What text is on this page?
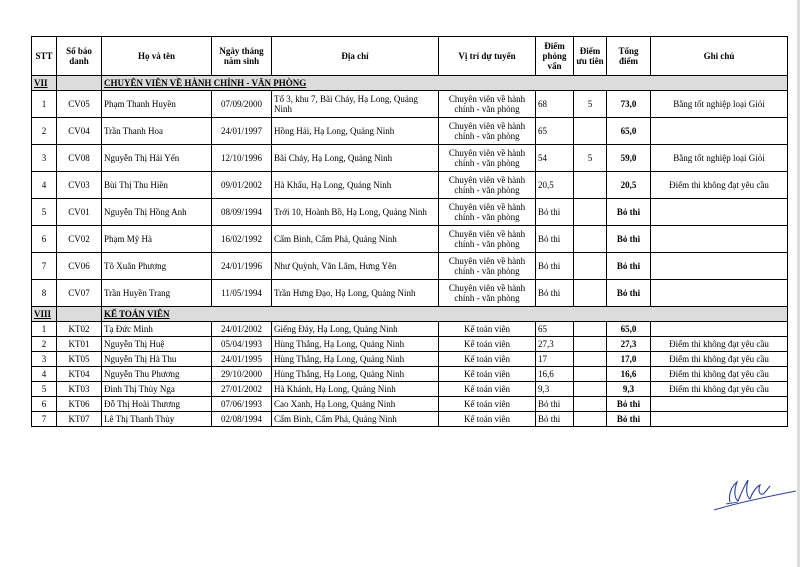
STT	Số báo danh	Họ và tên	Ngày tháng năm sinh	Địa chỉ	Vị trí dự tuyển	Điểm phỏng vấn	Điểm ưu tiên	Tổng điểm	Ghi chú
VII		CHUYÊN VIÊN VỀ HÀNH CHÍNH - VĂN PHÒNG							
1	CV05	Phạm Thanh Huyền	07/09/2000	Tổ 3, khu 7, Bãi Cháy, Hạ Long, Quảng Ninh	Chuyên viên về hành chính - văn phòng	68	5	73,0	Bằng tốt nghiệp loại Giỏi
2	CV04	Trần Thanh Hoa	24/01/1997	Hồng Hải, Hạ Long, Quảng Ninh	Chuyên viên về hành chính - văn phòng	65		65,0	
3	CV08	Nguyễn Thị Hải Yến	12/10/1996	Bãi Cháy, Hạ Long, Quảng Ninh	Chuyên viên về hành chính - văn phòng	54	5	59,0	Bằng tốt nghiệp loại Giỏi
4	CV03	Bùi Thị Thu Hiền	09/01/2002	Hà Khẩu, Hạ Long, Quảng Ninh	Chuyên viên về hành chính - văn phòng	20,5		20,5	Điểm thi không đạt yêu cầu
5	CV01	Nguyễn Thị Hồng Anh	08/09/1994	Trới 10, Hoành Bồ, Hạ Long, Quảng Ninh	Chuyên viên về hành chính - văn phòng	Bỏ thi		Bỏ thi	
6	CV02	Phạm Mỹ Hà	16/02/1992	Cẩm Bình, Cẩm Phả, Quảng Ninh	Chuyên viên về hành chính - văn phòng	Bỏ thi		Bỏ thi	
7	CV06	Tô Xuân Phương	24/01/1996	Như Quỳnh, Văn Lâm, Hưng Yên	Chuyên viên về hành chính - văn phòng	Bỏ thi		Bỏ thi	
8	CV07	Trần Huyền Trang	11/05/1994	Trần Hưng Đạo, Hạ Long, Quảng Ninh	Chuyên viên về hành chính - văn phòng	Bỏ thi		Bỏ thi	
VIII		KẾ TOÁN VIÊN							
1	KT02	Tạ Đức Minh	24/01/2002	Giếng Đáy, Hạ Long, Quảng Ninh	Kế toán viên	65		65,0	
2	KT01	Nguyễn Thị Huệ	05/04/1993	Hùng Thắng, Hạ Long, Quảng Ninh	Kế toán viên	27,3		27,3	Điểm thi không đạt yêu cầu
3	KT05	Nguyễn Thị Hà Thu	24/01/1995	Hùng Thắng, Hạ Long, Quảng Ninh	Kế toán viên	17		17,0	Điểm thi không đạt yêu cầu
4	KT04	Nguyễn Thu Phương	29/10/2000	Hùng Thắng, Hạ Long, Quảng Ninh	Kế toán viên	16,6		16,6	Điểm thi không đạt yêu cầu
5	KT03	Đinh Thị Thùy Nga	27/01/2002	Hà Khánh, Hạ Long, Quảng Ninh	Kế toán viên	9,3		9,3	Điểm thi không đạt yêu cầu
6	KT06	Đỗ Thị Hoài Thương	07/06/1993	Cao Xanh, Hạ Long, Quảng Ninh	Kế toán viên	Bỏ thi		Bỏ thi	
7	KT07	Lê Thị Thanh Thủy	02/08/1994	Cẩm Bình, Cẩm Phả, Quảng Ninh	Kế toán viên	Bỏ thi		Bỏ thi	
